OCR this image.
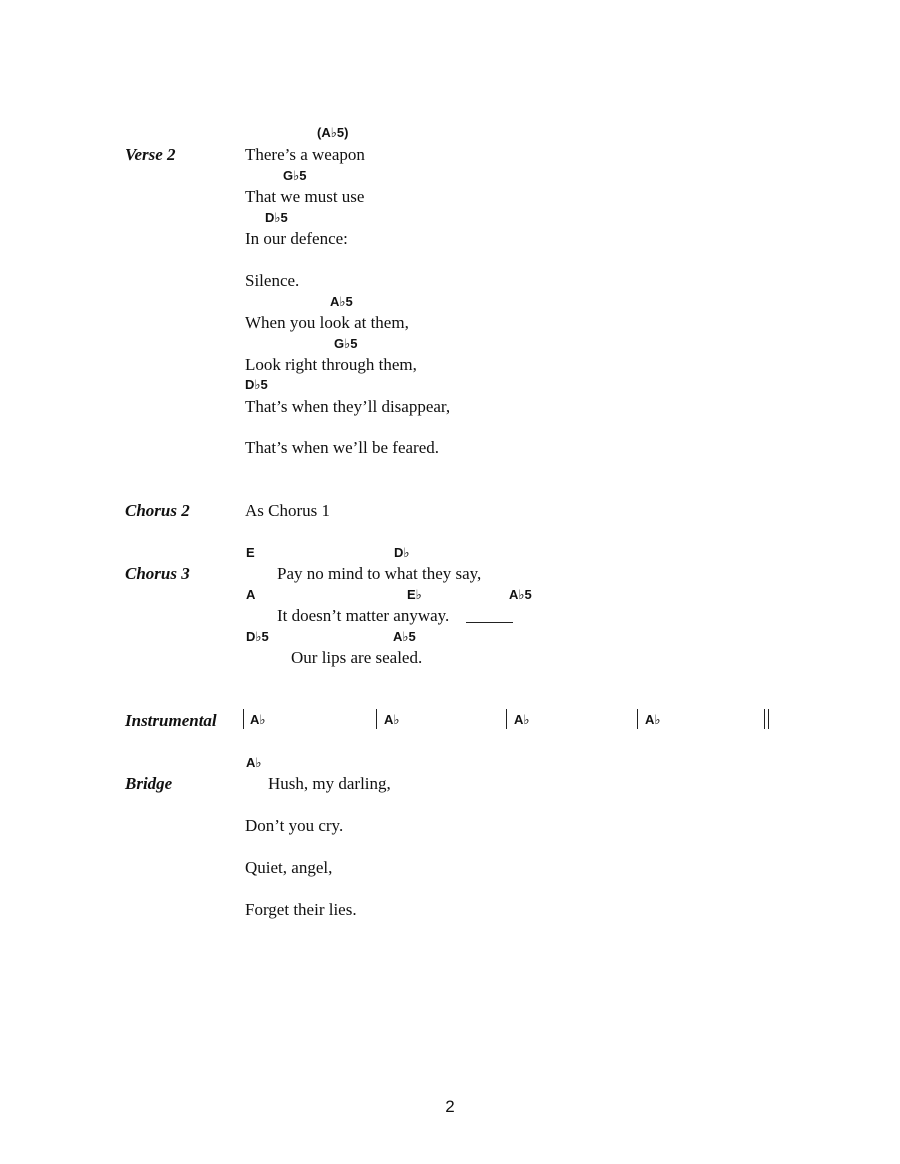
Verse 2
(A♭5)
There’s a weapon
G♭5
That we must use
D♭5
In our defence:
Silence.
A♭5
When you look at them,
G♭5
Look right through them,
D♭5
That’s when they’ll disappear,
That’s when we’ll be feared.
Chorus 2	As Chorus 1
Chorus 3
E	D♭
Pay no mind to what they say,
A	E♭	A♭5
It doesn’t matter anyway.
D♭5	A♭5
Our lips are sealed.
Instrumental	A♭	A♭	A♭	A♭
Bridge
A♭
Hush, my darling,
Don’t you cry.
Quiet, angel,
Forget their lies.
2
